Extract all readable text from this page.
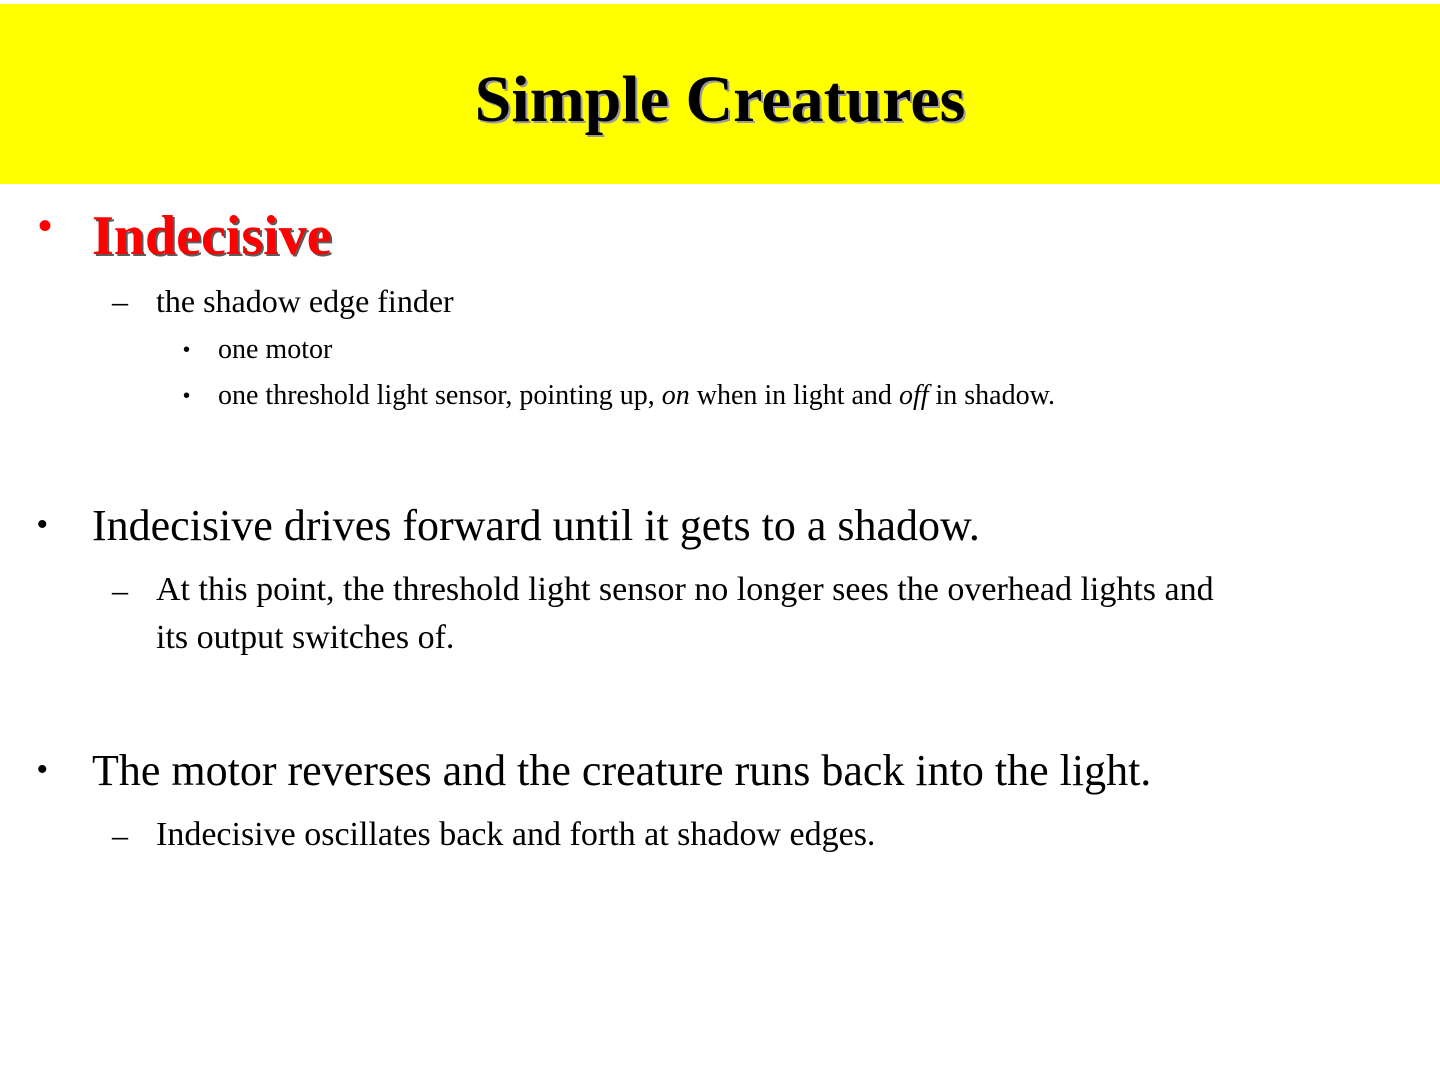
Simple Creatures
• Indecisive
– the shadow edge finder
• one motor
• one threshold light sensor, pointing up, on when in light and off in shadow.
• Indecisive drives forward until it gets to a shadow.
– At this point, the threshold light sensor no longer sees the overhead lights and
its output switches of.
• The motor reverses and the creature runs back into the light.
– Indecisive oscillates back and forth at shadow edges.
